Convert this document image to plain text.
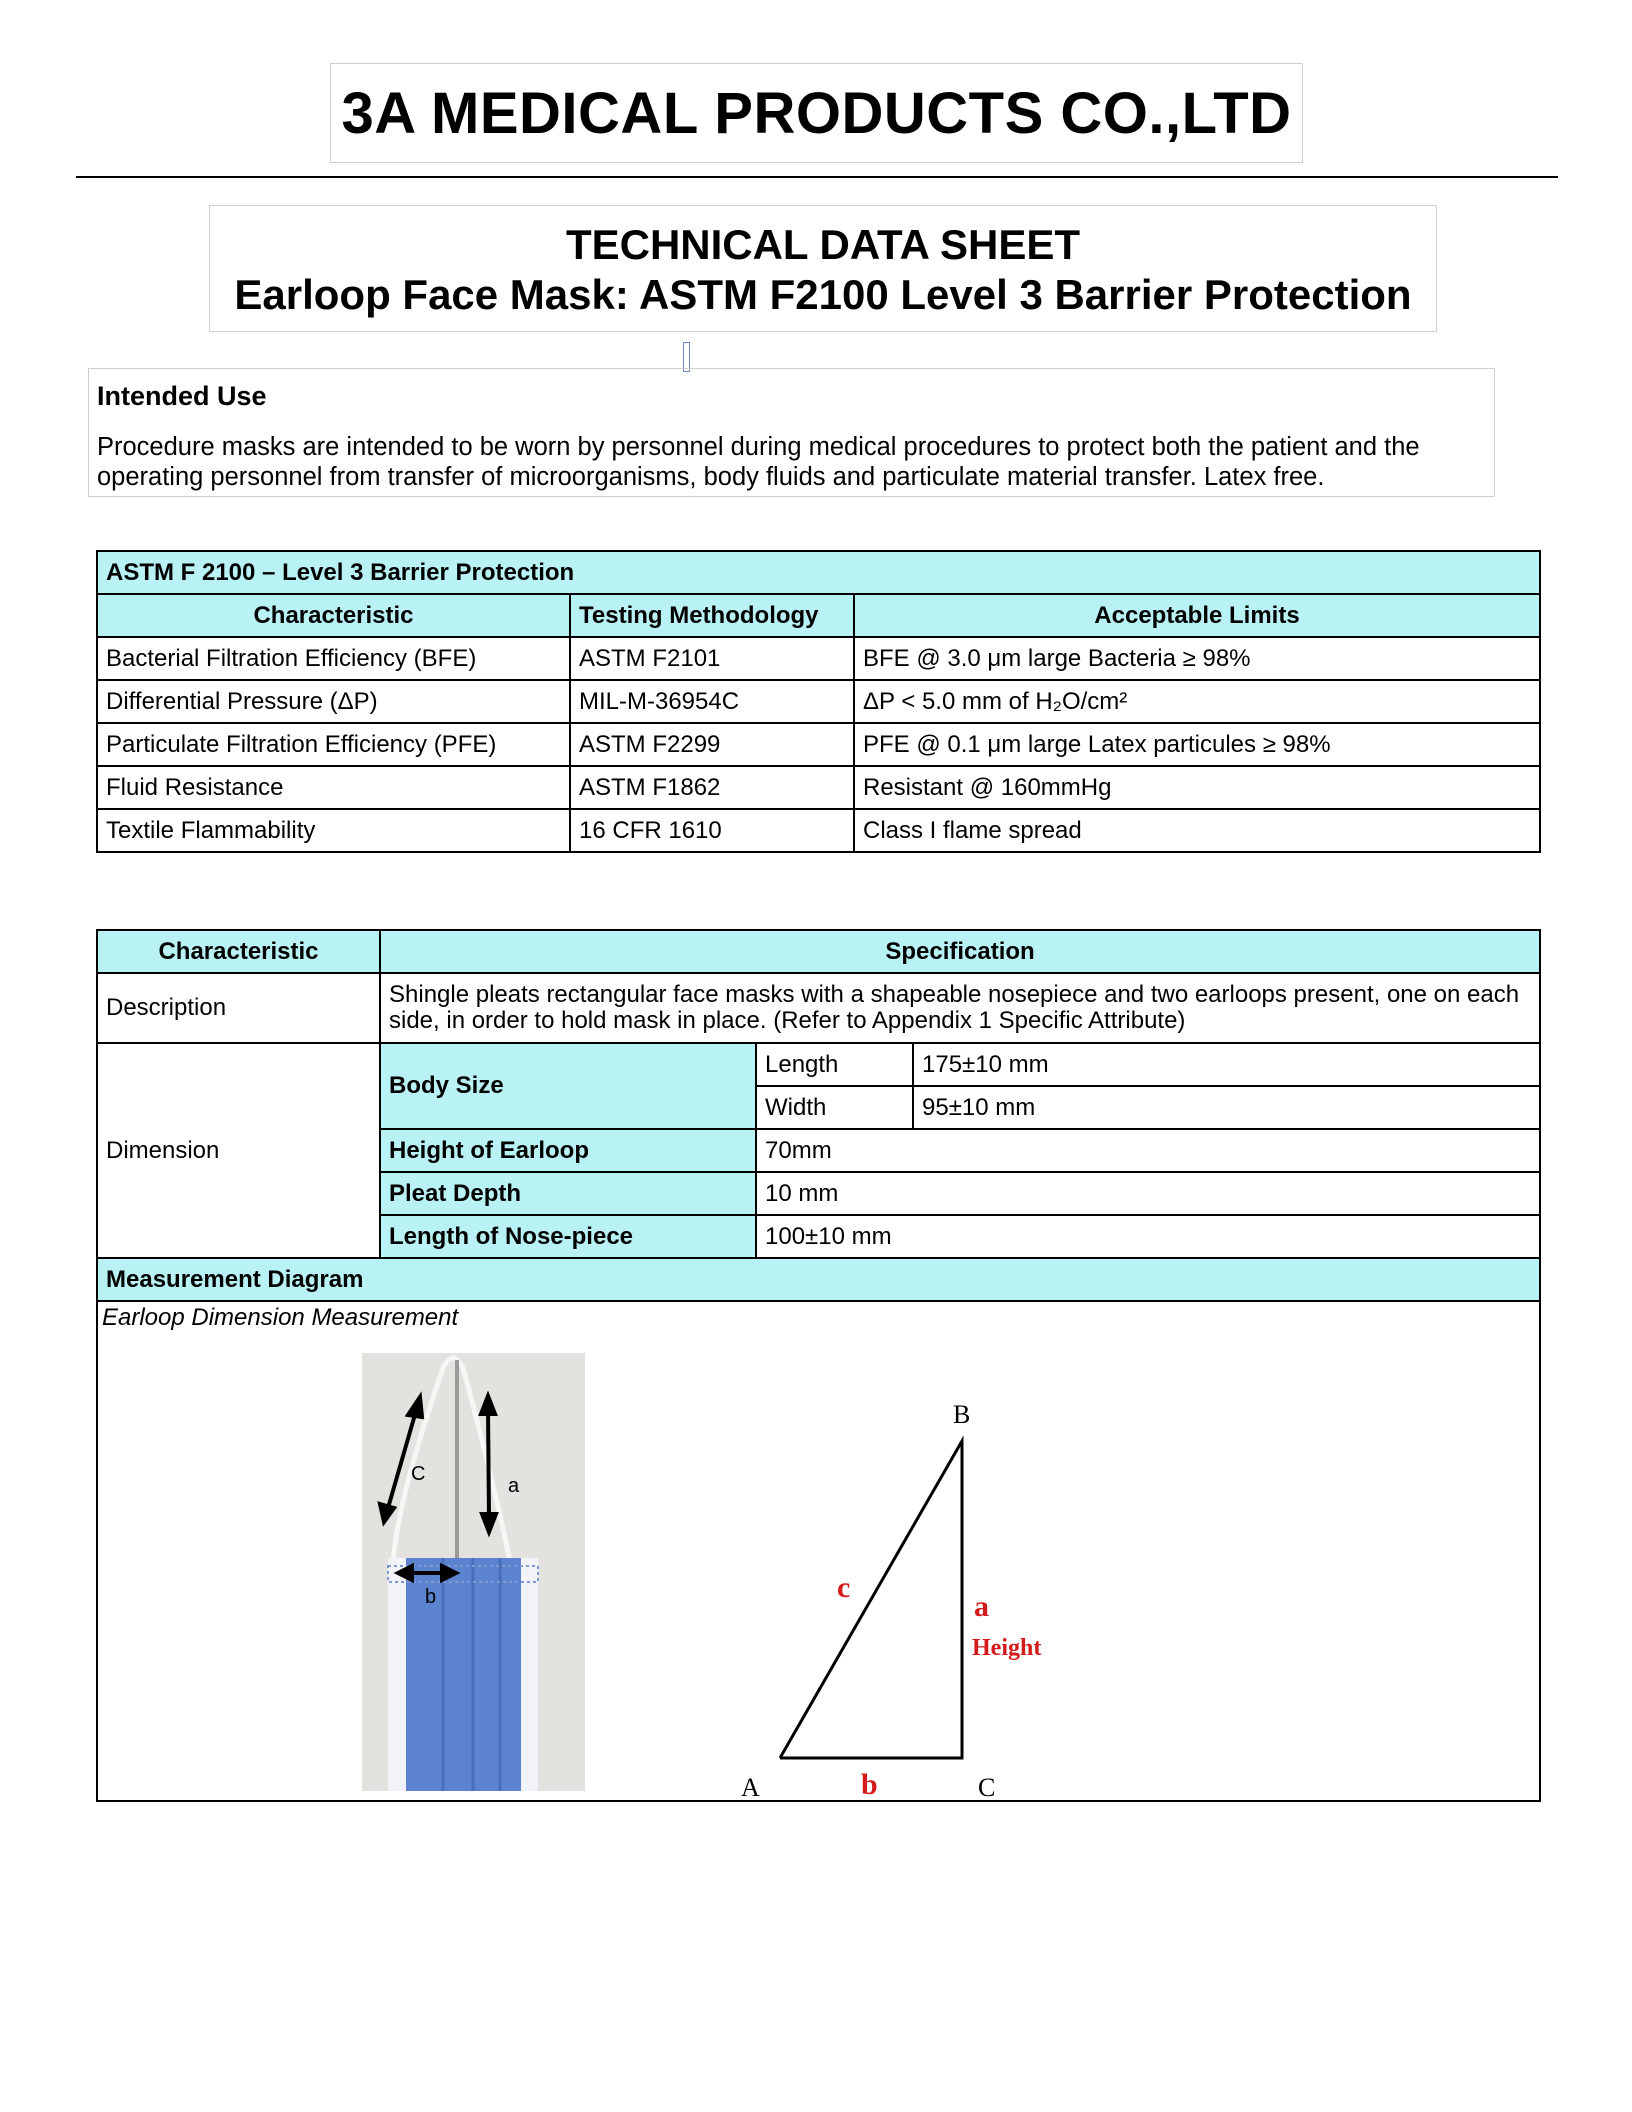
3A MEDICAL PRODUCTS CO.,LTD
TECHNICAL DATA SHEET
Earloop Face Mask: ASTM F2100 Level 3 Barrier Protection
Intended Use
Procedure masks are intended to be worn by personnel during medical procedures to protect both the patient and the operating personnel from transfer of microorganisms, body fluids and particulate material transfer. Latex free.
ASTM F 2100 – Level 3 Barrier Protection		
Characteristic	Testing Methodology	Acceptable Limits
Bacterial Filtration Efficiency (BFE)	ASTM F2101	BFE @ 3.0 μm large Bacteria ≥ 98%
Differential Pressure (ΔP)	MIL-M-36954C	ΔP < 5.0 mm of H₂O/cm²
Particulate Filtration Efficiency (PFE)	ASTM F2299	PFE @ 0.1 μm large Latex particules ≥ 98%
Fluid Resistance	ASTM F1862	Resistant @ 160mmHg
Textile Flammability	16 CFR 1610	Class I flame spread
Characteristic	Specification		
Description	Shingle pleats rectangular face masks with a shapeable nosepiece and two earloops present, one on each side, in order to hold mask in place. (Refer to Appendix 1 Specific Attribute)		
Dimension	Body Size	Length	175±10 mm
		Width	95±10 mm
	Height of Earloop	70mm	
	Pleat Depth	10 mm	
	Length of Nose-piece	100±10 mm	
Measurement Diagram			
Earloop Dimension Measurement			
C
a
b
B
A	C
b
c
a
Height
